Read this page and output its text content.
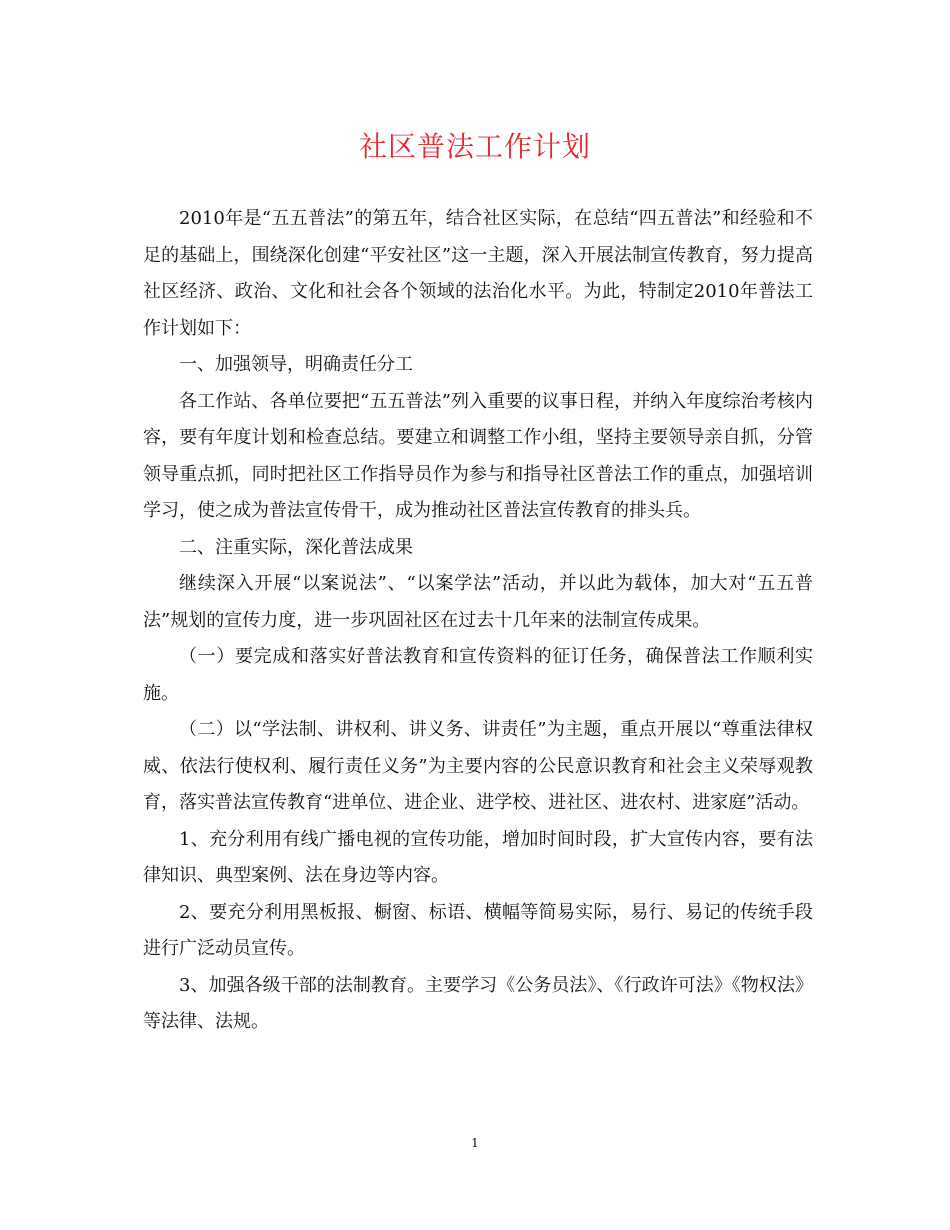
社区普法工作计划

2010年是“五五普法”的第五年，结合社区实际，在总结“四五普法”和经验和不足的基础上，围绕深化创建“平安社区”这一主题，深入开展法制宣传教育，努力提高社区经济、政治、文化和社会各个领域的法治化水平。为此，特制定2010年普法工作计划如下：

一、加强领导，明确责任分工

各工作站、各单位要把“五五普法”列入重要的议事日程，并纳入年度综治考核内容，要有年度计划和检查总结。要建立和调整工作小组，坚持主要领导亲自抓，分管领导重点抓，同时把社区工作指导员作为参与和指导社区普法工作的重点，加强培训学习，使之成为普法宣传骨干，成为推动社区普法宣传教育的排头兵。

二、注重实际，深化普法成果

继续深入开展“以案说法”、“以案学法”活动，并以此为载体，加大对“五五普法”规划的宣传力度，进一步巩固社区在过去十几年来的法制宣传成果。

（一）要完成和落实好普法教育和宣传资料的征订任务，确保普法工作顺利实施。

（二）以“学法制、讲权利、讲义务、讲责任”为主题，重点开展以“尊重法律权威、依法行使权利、履行责任义务”为主要内容的公民意识教育和社会主义荣辱观教育，落实普法宣传教育“进单位、进企业、进学校、进社区、进农村、进家庭”活动。

1、充分利用有线广播电视的宣传功能，增加时间时段，扩大宣传内容，要有法律知识、典型案例、法在身边等内容。

2、要充分利用黑板报、橱窗、标语、横幅等简易实际，易行、易记的传统手段进行广泛动员宣传。

3、加强各级干部的法制教育。主要学习《公务员法》、《行政许可法》《物权法》等法律、法规。

1
